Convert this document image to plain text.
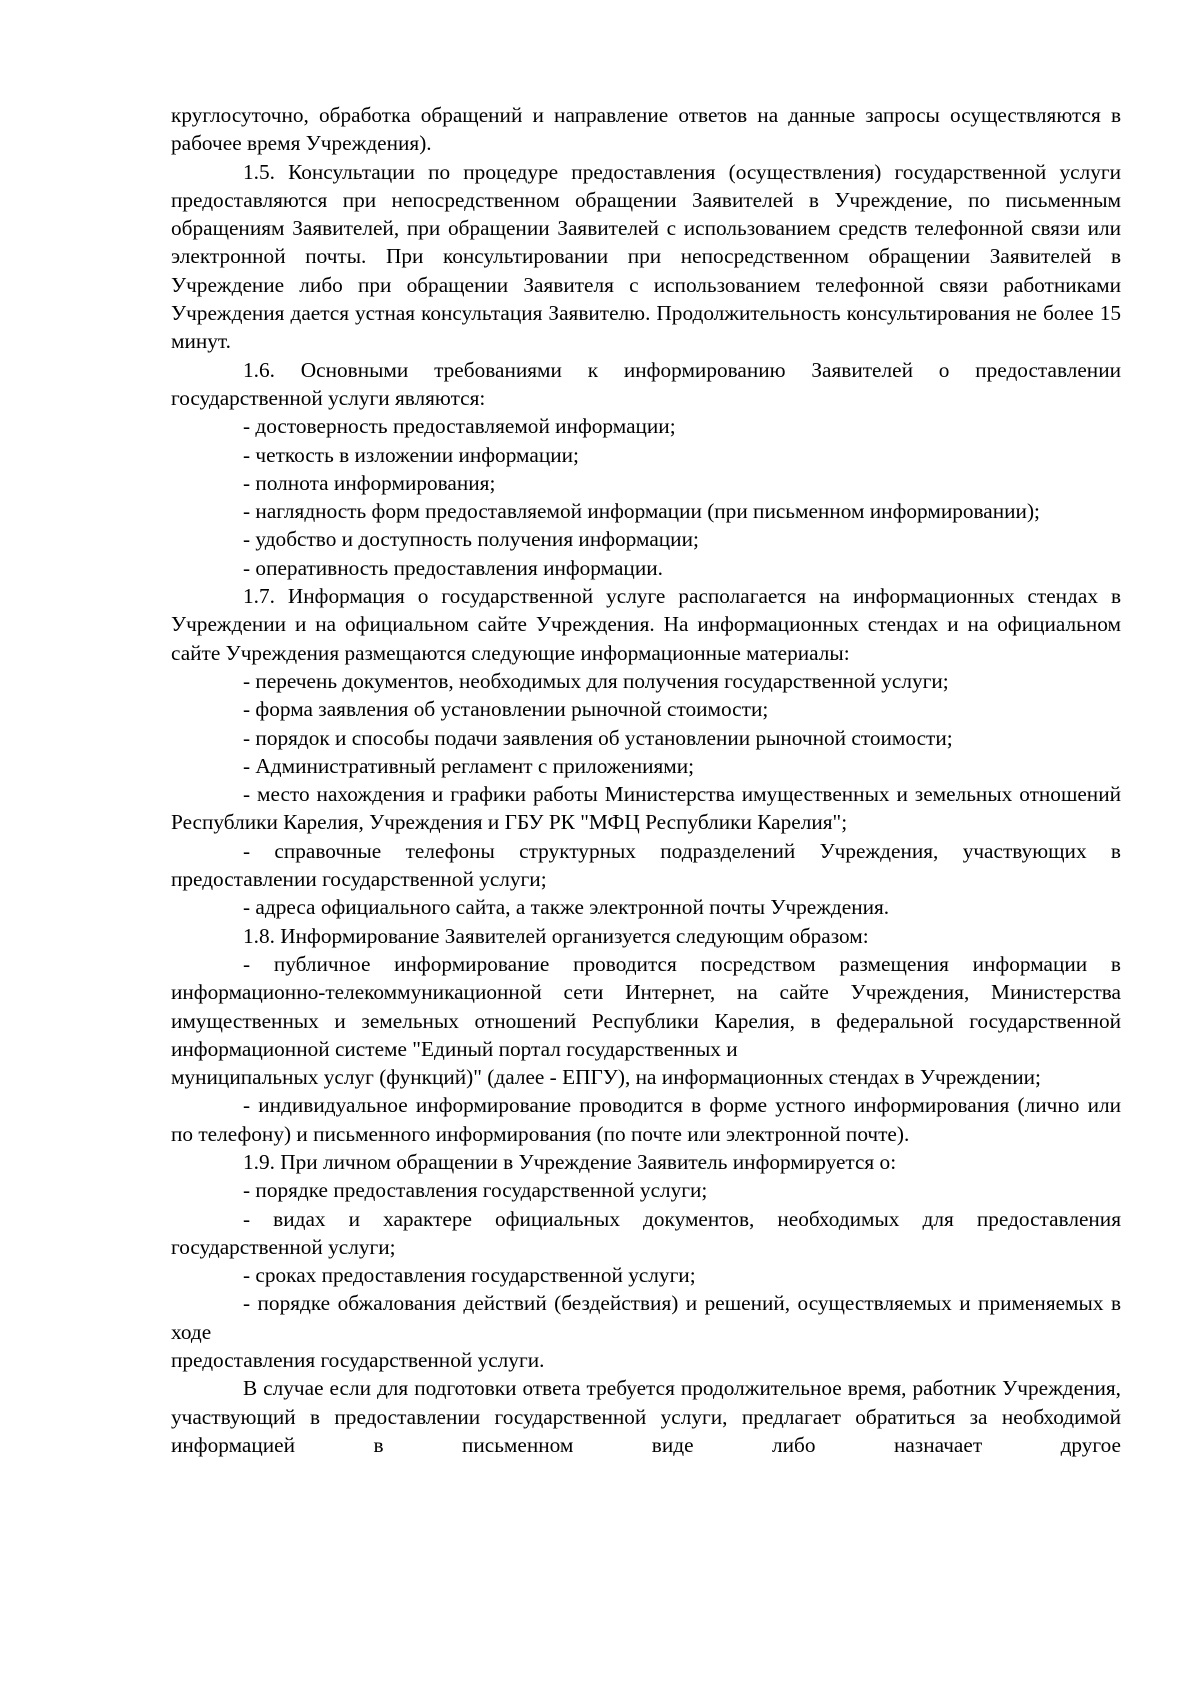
круглосуточно, обработка обращений и направление ответов на данные запросы осуществляются в рабочее время Учреждения).

1.5. Консультации по процедуре предоставления (осуществления) государственной услуги предоставляются при непосредственном обращении Заявителей в Учреждение, по письменным обращениям Заявителей, при обращении Заявителей с использованием средств телефонной связи или электронной почты. При консультировании при непосредственном обращении Заявителей в Учреждение либо при обращении Заявителя с использованием телефонной связи работниками Учреждения дается устная консультация Заявителю. Продолжительность консультирования не более 15 минут.

1.6. Основными требованиями к информированию Заявителей о предоставлении государственной услуги являются:

- достоверность предоставляемой информации;

- четкость в изложении информации;

- полнота информирования;

- наглядность форм предоставляемой информации (при письменном информировании);

- удобство и доступность получения информации;

- оперативность предоставления информации.

1.7. Информация о государственной услуге располагается на информационных стендах в Учреждении и на официальном сайте Учреждения. На информационных стендах и на официальном сайте Учреждения размещаются следующие информационные материалы:

- перечень документов, необходимых для получения государственной услуги;

- форма заявления об установлении рыночной стоимости;

- порядок и способы подачи заявления об установлении рыночной стоимости;

- Административный регламент с приложениями;

- место нахождения и графики работы Министерства имущественных и земельных отношений Республики Карелия, Учреждения и ГБУ РК "МФЦ Республики Карелия";

- справочные телефоны структурных подразделений Учреждения, участвующих в предоставлении государственной услуги;

- адреса официального сайта, а также электронной почты Учреждения.

1.8. Информирование Заявителей организуется следующим образом:

- публичное информирование проводится посредством размещения информации в информационно-телекоммуникационной сети Интернет, на сайте Учреждения, Министерства имущественных и земельных отношений Республики Карелия, в федеральной государственной информационной системе "Единый портал государственных и

муниципальных услуг (функций)" (далее - ЕПГУ), на информационных стендах в Учреждении;

- индивидуальное информирование проводится в форме устного информирования (лично или по телефону) и письменного информирования (по почте или электронной почте).

1.9. При личном обращении в Учреждение Заявитель информируется о:

- порядке предоставления государственной услуги;

- видах и характере официальных документов, необходимых для предоставления государственной услуги;

- сроках предоставления государственной услуги;

- порядке обжалования действий (бездействия) и решений, осуществляемых и применяемых в ходе

предоставления государственной услуги.

В случае если для подготовки ответа требуется продолжительное время, работник Учреждения, участвующий в предоставлении государственной услуги, предлагает обратиться за необходимой информацией в письменном виде либо назначает другое
